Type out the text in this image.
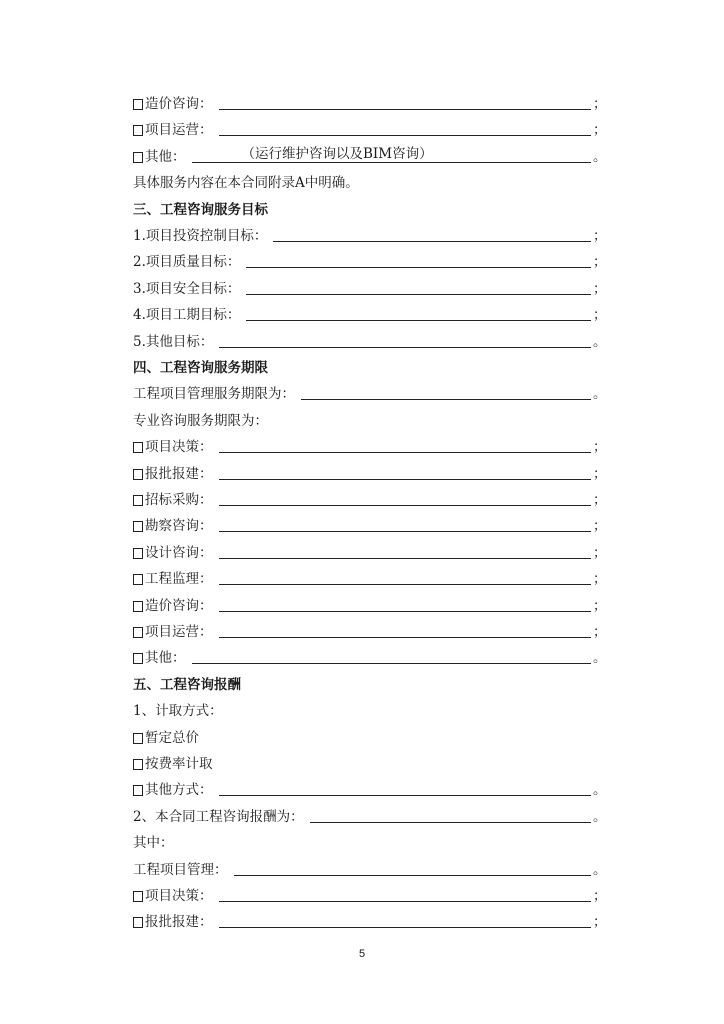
造价咨询：	；
项目运营：	；
其他：	（运行维护咨询以及BIM咨询）	。
具体服务内容在本合同附录A中明确。
三、工程咨询服务目标
1.项目投资控制目标：	；
2.项目质量目标：	；
3.项目安全目标：	；
4.项目工期目标：	；
5.其他目标：	。
四、工程咨询服务期限
工程项目管理服务期限为：	。
专业咨询服务期限为：
项目决策：	；
报批报建：	；
招标采购：	；
勘察咨询：	；
设计咨询：	；
工程监理：	；
造价咨询：	；
项目运营：	；
其他：	。
五、工程咨询报酬
1、计取方式：
暂定总价
按费率计取
其他方式：	。
2、本合同工程咨询报酬为：	。
其中：
工程项目管理：	。
项目决策：	；
报批报建：	；
5
